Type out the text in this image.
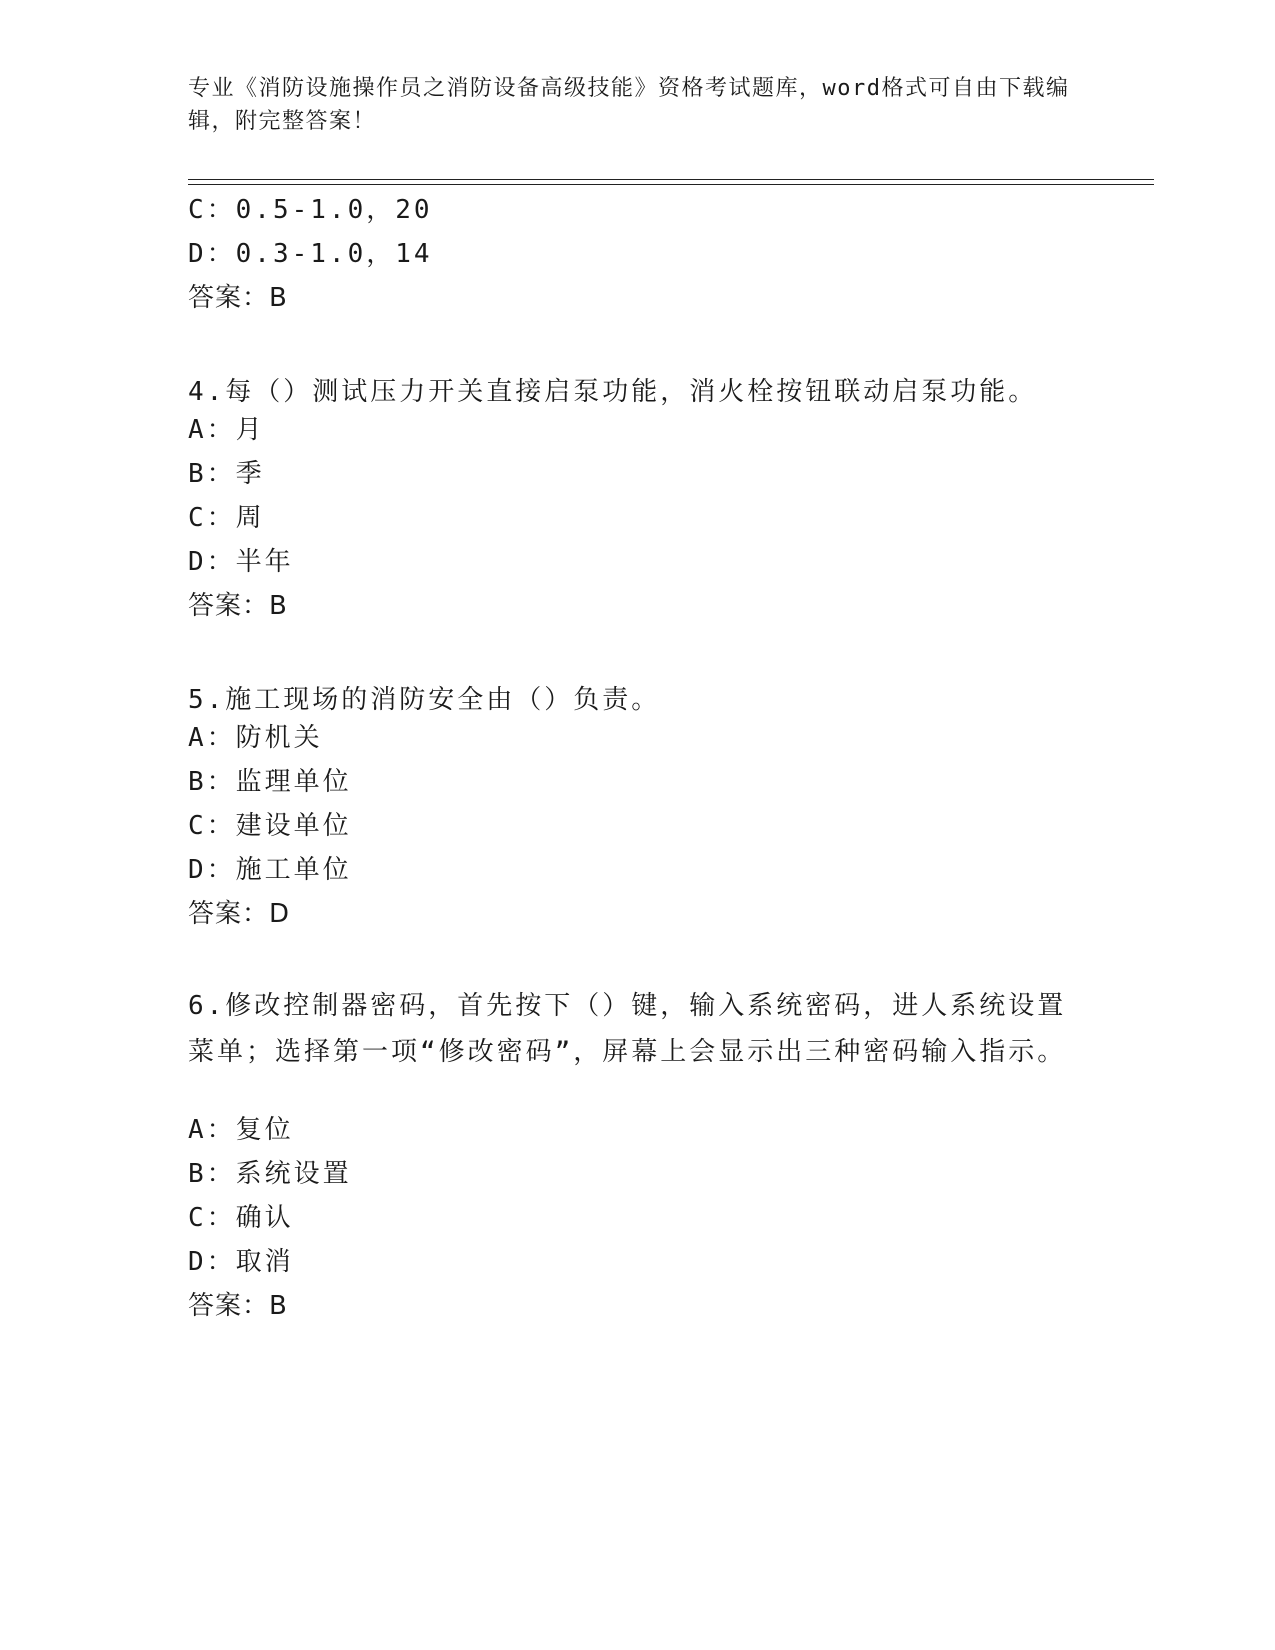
专业《消防设施操作员之消防设备高级技能》资格考试题库，word格式可自由下载编辑，附完整答案！
C：0.5-1.0，20
D：0.3-1.0，14
答案：B
4.每（）测试压力开关直接启泵功能，消火栓按钮联动启泵功能。
A：月
B：季
C：周
D：半年
答案：B
5.施工现场的消防安全由（）负责。
A：防机关
B：监理单位
C：建设单位
D：施工单位
答案：D
6.修改控制器密码，首先按下（）键，输入系统密码，进人系统设置菜单；选择第一项“修改密码”，屏幕上会显示出三种密码输入指示。
A：复位
B：系统设置
C：确认
D：取消
答案：B
